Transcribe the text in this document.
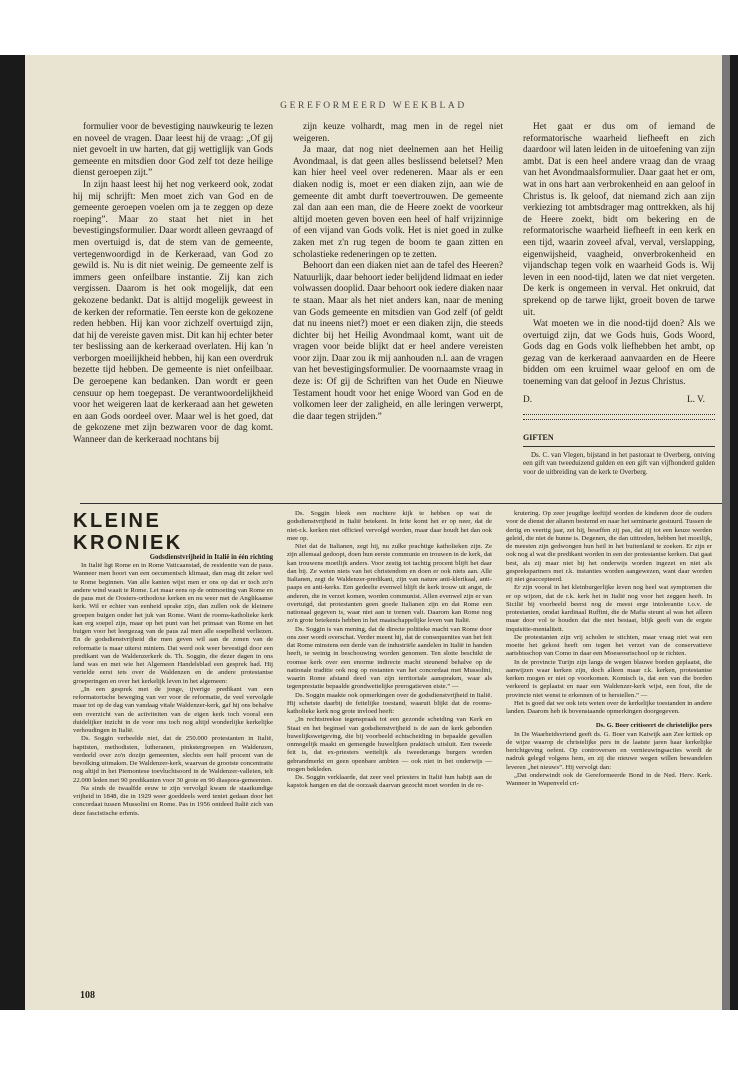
GEREFORMEERD WEEKBLAD

formulier voor de bevestiging nauwkeurig te lezen en noveel de vragen. Daar leest hij de vraag: „Of gij niet gevoelt in uw harten, dat gij wettiglijk van Gods gemeente en mitsdien door God zelf tot deze heilige dienst geroepen zijt.”

In zijn haast leest hij het nog verkeerd ook, zodat hij mij schrijft: Men moet zich van God en de gemeente geroepen voelen om ja te zeggen op deze roeping”. Maar zo staat het niet in het bevestigingsformulier. Daar wordt alleen gevraagd of men overtuigd is, dat de stem van de gemeente, vertegenwoordigd in de Kerkeraad, van God zo gewild is. Nu is dit niet weinig. De gemeente zelf is immers geen onfeilbare instantie. Zij kan zich vergissen. Daarom is het ook mogelijk, dat een gekozene bedankt. Dat is altijd mogelijk geweest in de kerken der reformatie. Ten eerste kon de gekozene reden hebben. Hij kan voor zichzelf overtuigd zijn, dat hij de vereiste gaven mist. Dit kan hij echter beter ter beslissing aan de kerkeraad overlaten. Hij kan 'n verborgen moeilijkheid hebben, hij kan een overdruk bezette tijd hebben. De gemeente is niet onfeilbaar. De geroepene kan bedanken. Dan wordt er geen censuur op hem toegepast. De verantwoordelijkheid voor het weigeren laat de kerkeraad aan het geweten en aan Gods oordeel over. Maar wel is het goed, dat de gekozene met zijn bezwaren voor de dag komt. Wanneer dan de kerkeraad nochtans bij

zijn keuze volhardt, mag men in de regel niet weigeren.

Ja maar, dat nog niet deelnemen aan het Heilig Avondmaal, is dat geen alles beslissend beletsel? Men kan hier heel veel over redeneren. Maar als er een diaken nodig is, moet er een diaken zijn, aan wie de gemeente dit ambt durft toevertrouwen. De gemeente zal dan aan een man, die de Heere zoekt de voorkeur altijd moeten geven boven een heel of half vrijzinnige of een vijand van Gods volk. Het is niet goed in zulke zaken met z'n rug tegen de boom te gaan zitten en scholastieke redeneringen op te zetten.

Behoort dan een diaken niet aan de tafel des Heeren? Natuurlijk, daar behoort ieder belijdend lidmaat en ieder volwassen dooplid. Daar behoort ook iedere diaken naar te staan. Maar als het niet anders kan, naar de mening van Gods gemeente en mitsdien van God zelf (of geldt dat nu ineens niet?) moet er een diaken zijn, die steeds dichter bij het Heilig Avondmaal komt, want uit de vragen voor beide blijkt dat er heel andere vereisten voor zijn. Daar zou ik mij aanhouden n.l. aan de vragen van het bevestigingsformulier. De voornaamste vraag in deze is: Of gij de Schriften van het Oude en Nieuwe Testament houdt voor het enige Woord van God en de volkomen leer der zaligheid, en alle leringen verwerpt, die daar tegen strijden.”

Het gaat er dus om of iemand de reformatorische waarheid liefheeft en zich daardoor wil laten leiden in de uitoefening van zijn ambt. Dat is een heel andere vraag dan de vraag van het Avondmaalsformulier. Daar gaat het er om, wat in ons hart aan verbrokenheid en aan geloof in Christus is. Ik geloof, dat niemand zich aan zijn verkiezing tot ambtsdrager mag onttrekken, als hij de Heere zoekt, bidt om bekering en de reformatorische waarheid liefheeft in een kerk en een tijd, waarin zoveel afval, verval, verslapping, eigenwijsheid, vaagheid, onverbrokenheid en vijandschap tegen volk en waarheid Gods is. Wij leven in een nood-tijd, laten we dat niet vergeten. De kerk is ongemeen in verval. Het onkruid, dat sprekend op de tarwe lijkt, groeit boven de tarwe uit.

Wat moeten we in die nood-tijd doen? Als we overtuigd zijn, dat we Gods huis, Gods Woord, Gods dag en Gods volk liefhebben het ambt, op gezag van de kerkeraad aanvaarden en de Heere bidden om een kruimel waar geloof en om de toeneming van dat geloof in Jezus Christus.

D.	L. V.
GIFTEN

Ds. C. van Vlegen, bijstand in het pastoraat te Overberg, ontving een gift van tweeduizend gulden en een gift van vijfhonderd gulden voor de uitbreiding van de kerk te Overberg.

KLEINE KRONIEK
Godsdienstvrijheid in Italië in één richting

In Italië ligt Rome en in Rome Vaticaanstad, de residentie van de paus. Wanneer men hoort van een oecumenisch klimaat, dan mag dit zeker wel te Rome beginnen. Van alle kanten wijst men er ons op dat er toch zo'n andere wind waait te Rome. Let maar eens op de ontmoeting van Rome en de paus met de Oosters-orthodoxe kerken en nu weer met de Anglikaanse kerk. Wil er echter van eenheid sprake zijn, dan zullen ook de kleinere groepen buigen onder het juk van Rome. Want de rooms-katholieke kerk kan erg soepel zijn, maar op het punt van het primaat van Rome en het buigen voor het leergezag van de paus zal men alle soepelheid verliezen. En de godsdienstvrijheid die men geven wil aan de zonen van de reformatie is maar uiterst miniem. Dat werd ook weer bevestigd door een predikant van de Waldenzerkerk ds. Th. Soggin, die dezer dagen in ons land was en met wie het Algemeen Handelsblad een gesprek had. Hij vertelde eerst iets over de Waldenzen en de andere protestantse groeperingen en over het kerkelijk leven in het algemeen:

„In een gesprek met de jonge, ijverige predikant van een reformatorische beweging van ver voor de reformatie, de veel vervolgde maar tot op de dag van vandaag vitale Waldenzer-kerk, gaf hij ons behalve een overzicht van de activiteiten van de eigen kerk toch vooral een duidelijker inzicht in de voor ons toch nog altijd wonderlijke kerkelijke verhoudingen in Italië.

Ds. Soggin verbeelde niet, dat de 250.000 protestanten in Italië, baptisten, methodisten, lutheranen, pinkstergroepen en Waldenzen, verdeeld over zo'n dozijn gemeenten, slechts een half procent van de bevolking uitmaken. De Waldenzer-kerk, waarvan de grootste concentratie nog altijd in het Piemontese toevluchtsoord in de Waldenzer-valleien, telt 22.000 leden met 90 predikanten voor 30 grote en 90 diaspora-gemeenten.

Na sinds de twaalfde eeuw te zijn vervolgd kwam de staatkundige vrijheid in 1848, die in 1929 weer goeddeels werd teniet gedaan door het concordaat tussen Mussolini en Rome. Pas in 1956 ontdeed Italië zich van deze fascistische erfenis.

Ds. Soggin bleek een nuchtere kijk te hebben op wat de godsdienstvrijheid in Italië betekent. In feite komt het er op neer, dat de niet-r.k. kerken niet officieel vervolgd worden, maar daar houdt het dan ook mee op.

Niet dat de Italianen, zegt hij, nu zulke prachtige katholieken zijn. Ze zijn allemaal gedoopt, doen hun eerste communie en trouwen in de kerk, dat kan trouwens moeilijk anders. Voor zestig tot tachtig procent blijft het daar dan bij. Ze weten niets van het christendom en doen er ook niets aan. Alle Italianen, zegt de Waldenzer-predikant, zijn van nature anti-klerikaal, anti-paaps en anti-kerks. Een gedeelte evenwel blijft de kerk trouw uit angst, de anderen, die in verzet komen, worden communist. Allen evenwel zijn er van overtuigd, dat protestanten geen goede Italianen zijn en dat Rome een nationaal gegeven is, waar niet aan te tornen valt. Daarom kan Rome nog zo'n grote betekenis hebben in het maatschappelijke leven van Italië.

Ds. Soggin is van mening, dat de directe politieke macht van Rome door ons zeer wordt overschat. Verder meent hij, dat de consequenties van het feit dat Rome minstens een derde van de industriële aandelen in Italië in handen heeft, te weinig in beschouwing worden genomen. Ten slotte beschikt de roomse kerk over een enorme indirecte macht steunend behalve op de nationale traditie ook nog op restanten van het concordaat met Mussolini, waarin Rome afstand deed van zijn territoriale aanspraken, waar als tegenprestatie bepaalde grondwettelijke prerogatieven eiste.” —

Ds. Soggin maakte ook opmerkingen over de godsdienstvrijheid in Italië. Hij schetste daarbij de feitelijke toestand, waaruit blijkt dat de rooms-katholieke kerk nog grote invloed heeft:

„In rechtstreekse tegenspraak tot een gezonde scheiding van Kerk en Staat en het beginsel van godsdienstvrijheid is de aan de kerk gebonden huwelijkswetgeving, die bij voorbeeld echtscheiding in bepaalde gevallen onmogelijk maakt en gemengde huwelijken praktisch uitsluit. Een tweede feit is, dat ex-priesters wettelijk als tweederangs burgers worden gebrandmerkt en geen openbare ambten — ook niet in het onderwijs — mogen bekleden.

Ds. Soggin verklaarde, dat zeer veel priesters in Italië hun habijt aan de kapstok hangen en dat de oorzaak daarvan gezocht moet worden in de re-

krutering. Op zeer jeugdige leeftijd worden de kinderen door de ouders voor de dienst der altaren bestemd en naar het seminarie gestuurd. Tussen de dertig en veertig jaar, zei hij, beseffen zij pas, dat zij tot een keuze werden geleid, die niet de hunne is. Degenen, die dan uittreden, hebben het moeilijk, de meesten zijn gedwongen hun heil in het buitenland te zoeken. Er zijn er ook nog al wat die predikant worden in een der protestantse kerken. Dat gaat best, als zij maar niet bij het onderwijs worden ingezet en niet als gesprekspartners met r.k. instanties worden aangewezen, want daar worden zij niet geaccepteerd.

Er zijn vooral in het kleinburgerlijke leven nog heel wat symptomen die er op wijzen, dat de r.k. kerk het in Italië nog voor het zeggen heeft. In Sicilië bij voorbeeld beerst nog de meest erge intolerantie t.o.v. de protestanten, omdat kardinaal Ruffini, die de Mafia steunt al was het alleen maar door vol te houden dat die niet bestaat, blijk geeft van de ergste inquisitie-mentaliteit.

De protestanten zijn vrij scholen te stichten, maar vraag niet wat een moeite het gekost heeft om tegen het verzet van de conservatieve aartsbisschop van Como in daar een Moeseosrischool op te richten.

In de provincie Turijn zijn langs de wegen blauwe borden geplaatst, die aanwijzen waar kerken zijn, doch alleen maar r.k. kerken, protestantse kerken mogen er niet op voorkomen. Komisch is, dat een van die borden verkeerd is geplaatst en naar een Waldenzer-kerk wijst, een fout, die de provincie niet wenst te erkennen of te herstellen.” —

Het is goed dat we ook iets weten over de kerkelijke toestanden in andere landen. Daarom heb ik bovenstaande opmerkingen doorgegeven.

Ds. G. Boer critiseert de christelijke pers

In De Waarheidsvriend geeft ds. G. Boer van Katwijk aan Zee kritiek op de wijze waarop de christelijke pers in de laatste jaren haar kerkelijke berichtgeving oefent. Op controversen en vernieuwingsacties wordt de nadruk gelegd volgens hem, en zij die nieuwe wegen willen bewandelen leveren „het nieuws”. Hij vervolgt dan:

„Dat onderwindt ook de Gereformeerde Bond in de Ned. Herv. Kerk. Wanneer in Wapenveld cri-

108
